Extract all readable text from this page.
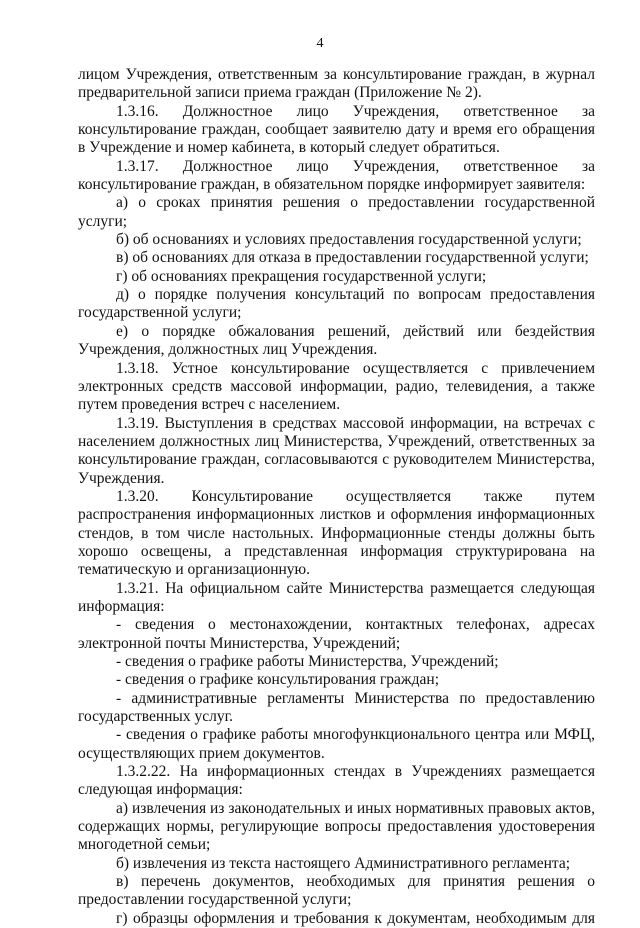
4

лицом Учреждения, ответственным за консультирование граждан, в журнал предварительной записи приема граждан (Приложение № 2).

1.3.16. Должностное лицо Учреждения, ответственное за консультирование граждан, сообщает заявителю дату и время его обращения в Учреждение и номер кабинета, в который следует обратиться.

1.3.17. Должностное лицо Учреждения, ответственное за консультирование граждан, в обязательном порядке информирует заявителя:

а) о сроках принятия решения о предоставлении государственной услуги;

б) об основаниях и условиях предоставления государственной услуги;

в) об основаниях для отказа в предоставлении государственной услуги;

г) об основаниях прекращения государственной услуги;

д) о порядке получения консультаций по вопросам предоставления государственной услуги;

е) о порядке обжалования решений, действий или бездействия Учреждения, должностных лиц Учреждения.

1.3.18. Устное консультирование осуществляется с привлечением электронных средств массовой информации, радио, телевидения, а также путем проведения встреч с населением.

1.3.19. Выступления в средствах массовой информации, на встречах с населением должностных лиц Министерства, Учреждений, ответственных за консультирование граждан, согласовываются с руководителем Министерства, Учреждения.

1.3.20. Консультирование осуществляется также путем распространения информационных листков и оформления информационных стендов, в том числе настольных. Информационные стенды должны быть хорошо освещены, а представленная информация структурирована на тематическую и организационную.

1.3.21. На официальном сайте Министерства размещается следующая информация:

- сведения о местонахождении, контактных телефонах, адресах электронной почты Министерства, Учреждений;

- сведения о графике работы Министерства, Учреждений;

- сведения о графике консультирования граждан;

- административные регламенты Министерства по предоставлению государственных услуг.

- сведения о графике работы многофункционального центра или МФЦ, осуществляющих прием документов.

1.3.2.22. На информационных стендах в Учреждениях размещается следующая информация:

а) извлечения из законодательных и иных нормативных правовых актов, содержащих нормы, регулирующие вопросы предоставления удостоверения многодетной семьи;

б) извлечения из текста настоящего Административного регламента;

в) перечень документов, необходимых для принятия решения о предоставлении государственной услуги;

г) образцы оформления и требования к документам, необходимым для
